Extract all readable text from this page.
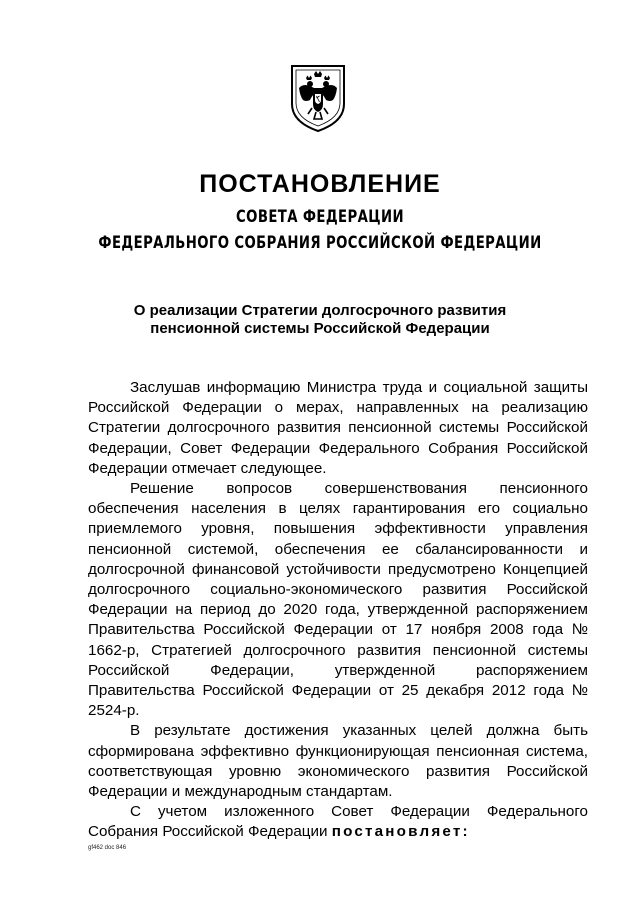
ПОСТАНОВЛЕНИЕ
СОВЕТА ФЕДЕРАЦИИ
ФЕДЕРАЛЬНОГО СОБРАНИЯ РОССИЙСКОЙ ФЕДЕРАЦИИ
О реализации Стратегии долгосрочного развития
пенсионной системы Российской Федерации

Заслушав информацию Министра труда и социальной защиты Российской Федерации о мерах, направленных на реализацию Стратегии долгосрочного развития пенсионной системы Российской Федерации, Совет Федерации Федерального Собрания Российской Федерации отмечает следующее.

Решение вопросов совершенствования пенсионного обеспечения населения в целях гарантирования его социально приемлемого уровня, повышения эффективности управления пенсионной системой, обеспечения ее сбалансированности и долгосрочной финансовой устойчивости предусмотрено Концепцией долгосрочного социально-экономического развития Российской Федерации на период до 2020 года, утвержденной распоряжением Правительства Российской Федерации от 17 ноября 2008 года № 1662-р, Стратегией долгосрочного развития пенсионной системы Российской Федерации, утвержденной распоряжением Правительства Российской Федерации от 25 декабря 2012 года № 2524-р.

В результате достижения указанных целей должна быть сформирована эффективно функционирующая пенсионная система, соответствующая уровню экономического развития Российской Федерации и международным стандартам.

С учетом изложенного Совет Федерации Федерального Собрания Российской Федерации постановляет:

gf462 doc 846
